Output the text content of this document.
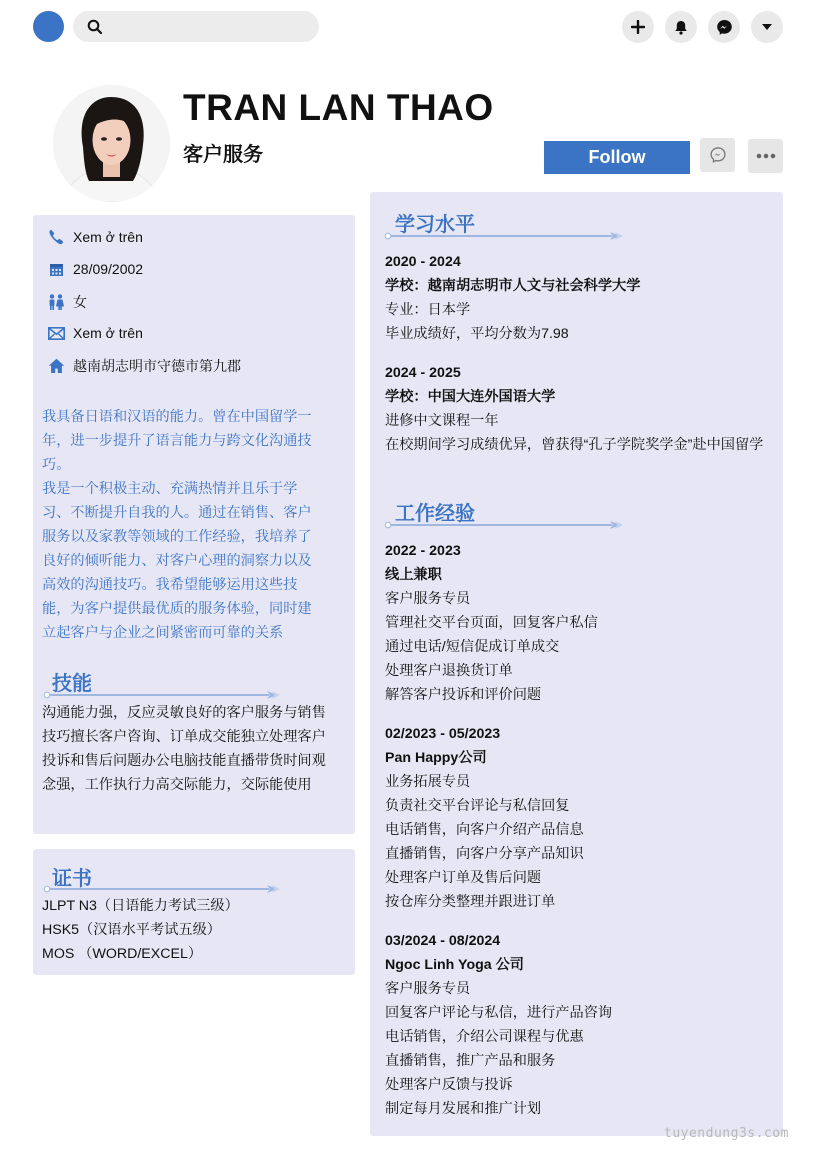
TRAN LAN THAO
客户服务	Follow
Xem ở trên
28/09/2002
女
Xem ở trên
越南胡志明市守德市第九郡

我具备日语和汉语的能力。曾在中国留学一年，进一步提升了语言能力与跨文化沟通技巧。

我是一个积极主动、充满热情并且乐于学习、不断提升自我的人。通过在销售、客户服务以及家教等领域的工作经验，我培养了良好的倾听能力、对客户心理的洞察力以及高效的沟通技巧。我希望能够运用这些技能，为客户提供最优质的服务体验，同时建立起客户与企业之间紧密而可靠的关系

技能
沟通能力强，反应灵敏良好的客户服务与销售技巧擅长客户咨询、订单成交能独立处理客户投诉和售后问题办公电脑技能直播带货时间观念强，工作执行力高交际能力，交际能使用
证书
JLPT N3（日语能力考试三级）
HSK5（汉语水平考试五级）
MOS （WORD/EXCEL）
学习水平
2020 - 2024
学校：越南胡志明市人文与社会科学大学
专业：日本学
毕业成绩好，平均分数为7.98
2024 - 2025
学校：中国大连外国语大学
进修中文课程一年
在校期间学习成绩优异，曾获得“孔子学院奖学金”赴中国留学
工作经验
2022 - 2023
线上兼职
客户服务专员
管理社交平台页面，回复客户私信
通过电话/短信促成订单成交
处理客户退换货订单
解答客户投诉和评价问题
02/2023 - 05/2023
Pan Happy公司
业务拓展专员
负责社交平台评论与私信回复
电话销售，向客户介绍产品信息
直播销售，向客户分享产品知识
处理客户订单及售后问题
按仓库分类整理并跟进订单
03/2024 - 08/2024
Ngoc Linh Yoga 公司
客户服务专员
回复客户评论与私信，进行产品咨询
电话销售，介绍公司课程与优惠
直播销售，推广产品和服务
处理客户反馈与投诉
制定每月发展和推广计划
tuyendung3s.com
